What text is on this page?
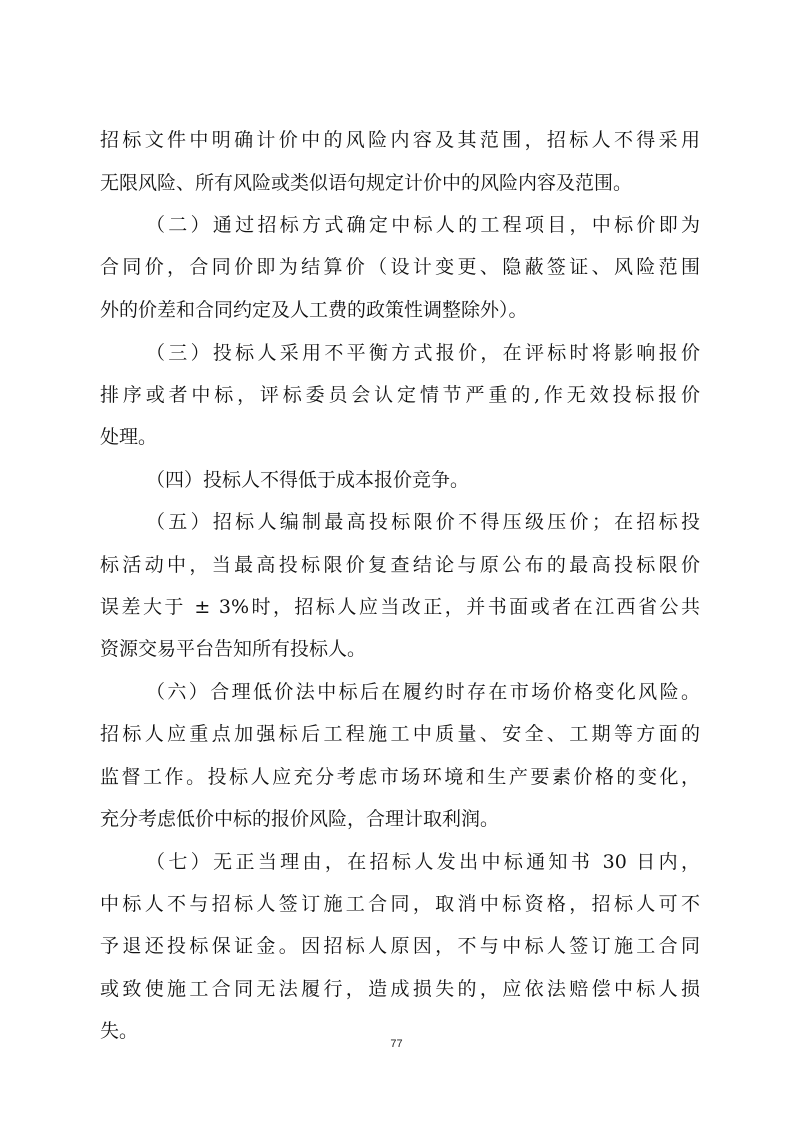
招标文件中明确计价中的风险内容及其范围，招标人不得采用
无限风险、所有风险或类似语句规定计价中的风险内容及范围。
（二）通过招标方式确定中标人的工程项目，中标价即为
合同价，合同价即为结算价（设计变更、隐蔽签证、风险范围
外的价差和合同约定及人工费的政策性调整除外）。
（三）投标人采用不平衡方式报价，在评标时将影响报价
排序或者中标，评标委员会认定情节严重的,作无效投标报价
处理。
（四）投标人不得低于成本报价竞争。
（五）招标人编制最高投标限价不得压级压价；在招标投
标活动中，当最高投标限价复查结论与原公布的最高投标限价
误差大于 ± 3%时，招标人应当改正，并书面或者在江西省公共
资源交易平台告知所有投标人。
（六）合理低价法中标后在履约时存在市场价格变化风险。
招标人应重点加强标后工程施工中质量、安全、工期等方面的
监督工作。投标人应充分考虑市场环境和生产要素价格的变化，
充分考虑低价中标的报价风险，合理计取利润。
（七）无正当理由，在招标人发出中标通知书 30 日内，
中标人不与招标人签订施工合同，取消中标资格，招标人可不
予退还投标保证金。因招标人原因，不与中标人签订施工合同
或致使施工合同无法履行，造成损失的，应依法赔偿中标人损
失。
77
